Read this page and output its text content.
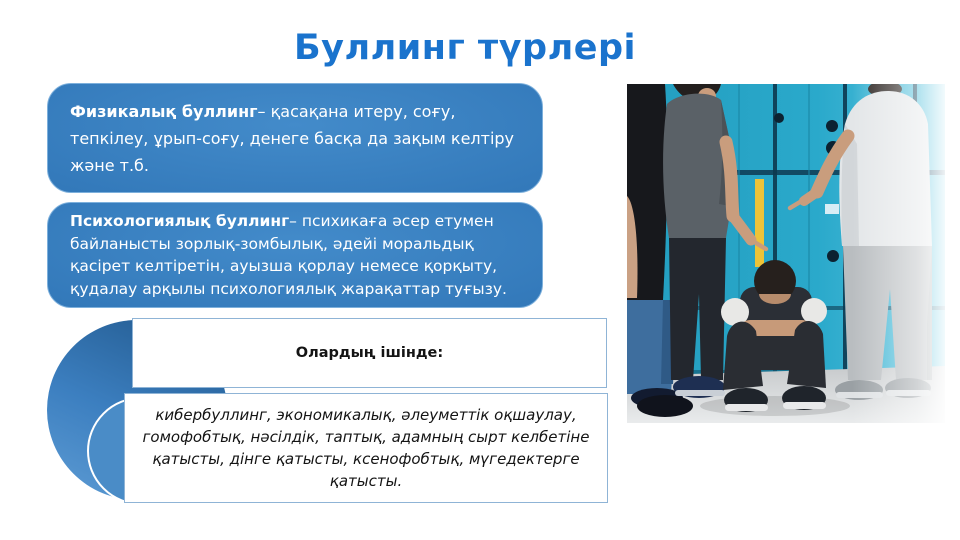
Буллинг түрлері

Физикалық буллинг– қасақана итеру, соғу, тепкілеу, ұрып-соғу, денеге басқа да зақым келтіру және т.б.

Психологиялық буллинг– психикаға әсер етумен байланысты зорлық-зомбылық, әдейі моральдық қасірет келтіретін, ауызша қорлау немесе қорқыту, қудалау арқылы психологиялық жарақаттар туғызу.

Олардың ішінде:
кибербуллинг, экономикалық, әлеуметтік оқшаулау, гомофобтық, нәсілдік, таптық, адамның сырт келбетіне қатысты, дінге қатысты, ксенофобтық, мүгедектерге қатысты.
